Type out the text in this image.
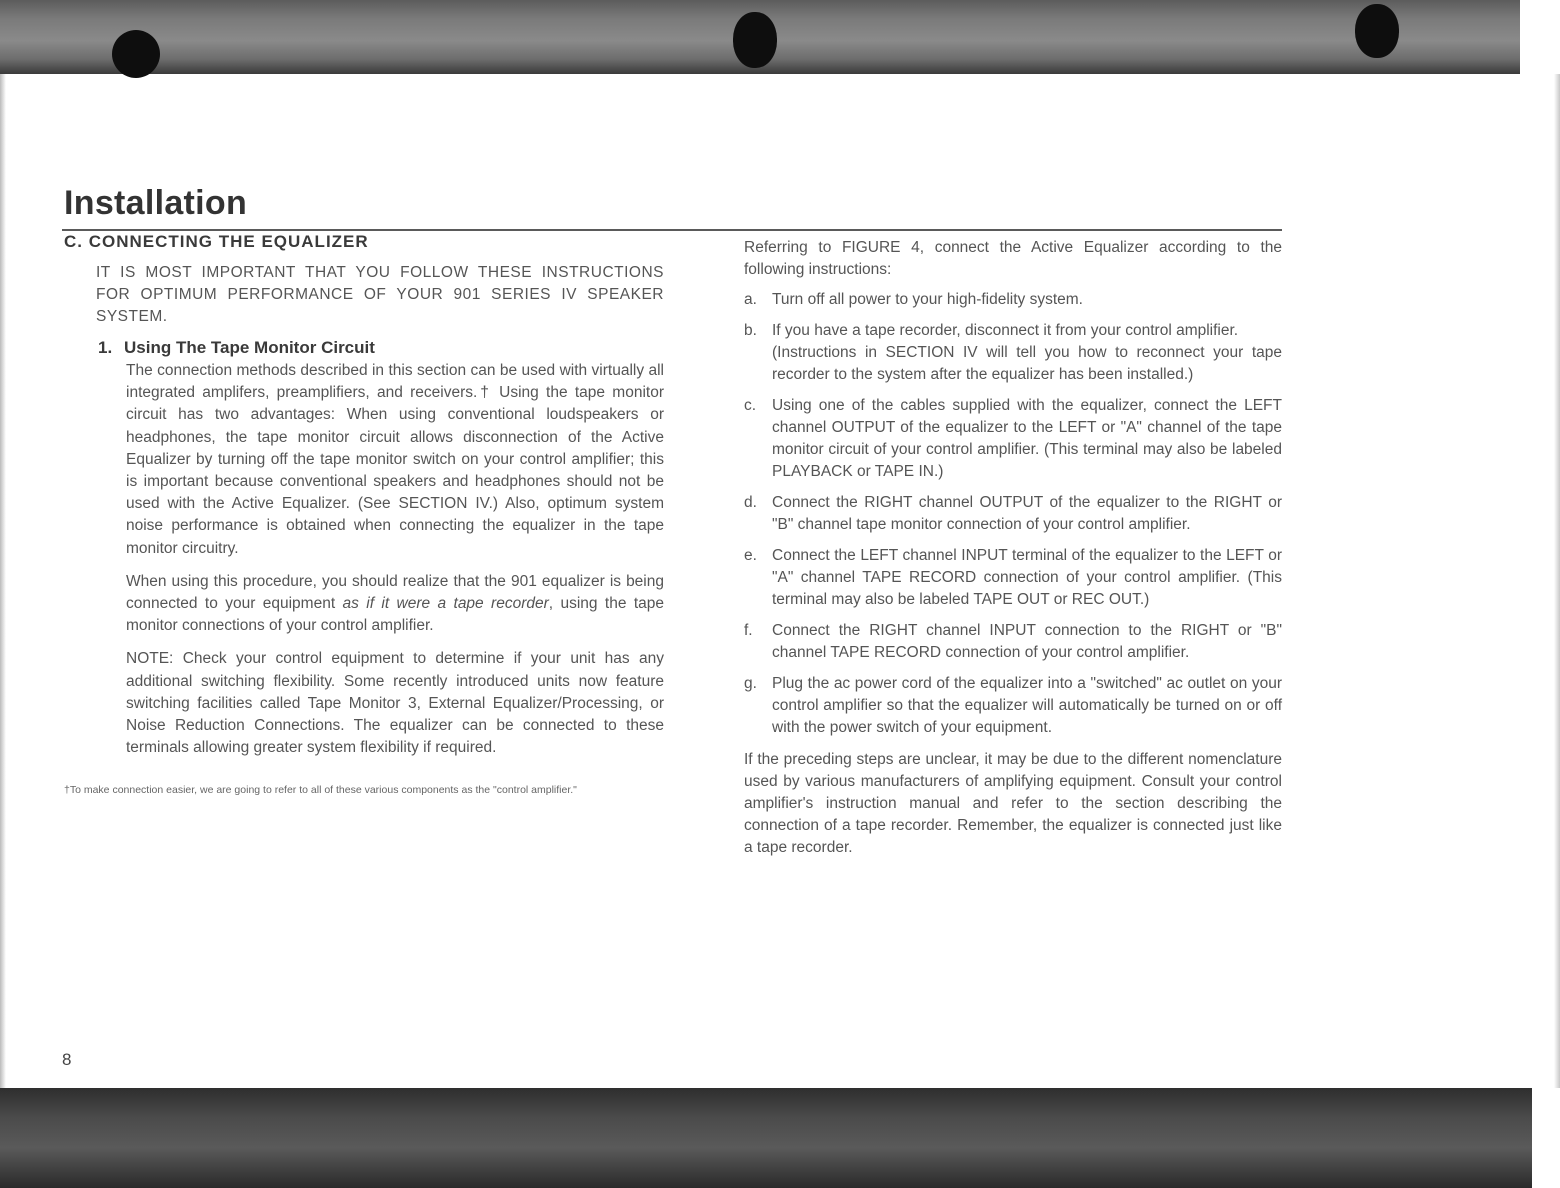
Installation
C. CONNECTING THE EQUALIZER

IT IS MOST IMPORTANT THAT YOU FOLLOW THESE INSTRUCTIONS FOR OPTIMUM PERFORMANCE OF YOUR 901 SERIES IV SPEAKER SYSTEM.

1. Using The Tape Monitor Circuit

The connection methods described in this section can be used with virtually all integrated amplifers, preamplifiers, and receivers.† Using the tape monitor circuit has two advantages: When using conventional loudspeakers or headphones, the tape monitor circuit allows disconnection of the Active Equalizer by turning off the tape monitor switch on your control amplifier; this is important because conventional speakers and headphones should not be used with the Active Equalizer. (See SECTION IV.) Also, optimum system noise performance is obtained when connecting the equalizer in the tape monitor circuitry.

When using this procedure, you should realize that the 901 equalizer is being connected to your equipment as if it were a tape recorder, using the tape monitor connections of your control amplifier.

NOTE: Check your control equipment to determine if your unit has any additional switching flexibility. Some recently introduced units now feature switching facilities called Tape Monitor 3, External Equalizer/Processing, or Noise Reduction Connections. The equalizer can be connected to these terminals allowing greater system flexibility if required.

†To make connection easier, we are going to refer to all of these various components as the "control amplifier."

Referring to FIGURE 4, connect the Active Equalizer according to the following instructions:

a. Turn off all power to your high-fidelity system.
b. If you have a tape recorder, disconnect it from your control amplifier.
(Instructions in SECTION IV will tell you how to reconnect your tape recorder to the system after the equalizer has been installed.)
c. Using one of the cables supplied with the equalizer, connect the LEFT channel OUTPUT of the equalizer to the LEFT or "A" channel of the tape monitor circuit of your control amplifier. (This terminal may also be labeled PLAYBACK or TAPE IN.)
d. Connect the RIGHT channel OUTPUT of the equalizer to the RIGHT or "B" channel tape monitor connection of your control amplifier.
e. Connect the LEFT channel INPUT terminal of the equalizer to the LEFT or "A" channel TAPE RECORD connection of your control amplifier. (This terminal may also be labeled TAPE OUT or REC OUT.)
f. Connect the RIGHT channel INPUT connection to the RIGHT or "B" channel TAPE RECORD connection of your control amplifier.
g. Plug the ac power cord of the equalizer into a "switched" ac outlet on your control amplifier so that the equalizer will automatically be turned on or off with the power switch of your equipment.

If the preceding steps are unclear, it may be due to the different nomenclature used by various manufacturers of amplifying equipment. Consult your control amplifier's instruction manual and refer to the section describing the connection of a tape recorder. Remember, the equalizer is connected just like a tape recorder.

8
